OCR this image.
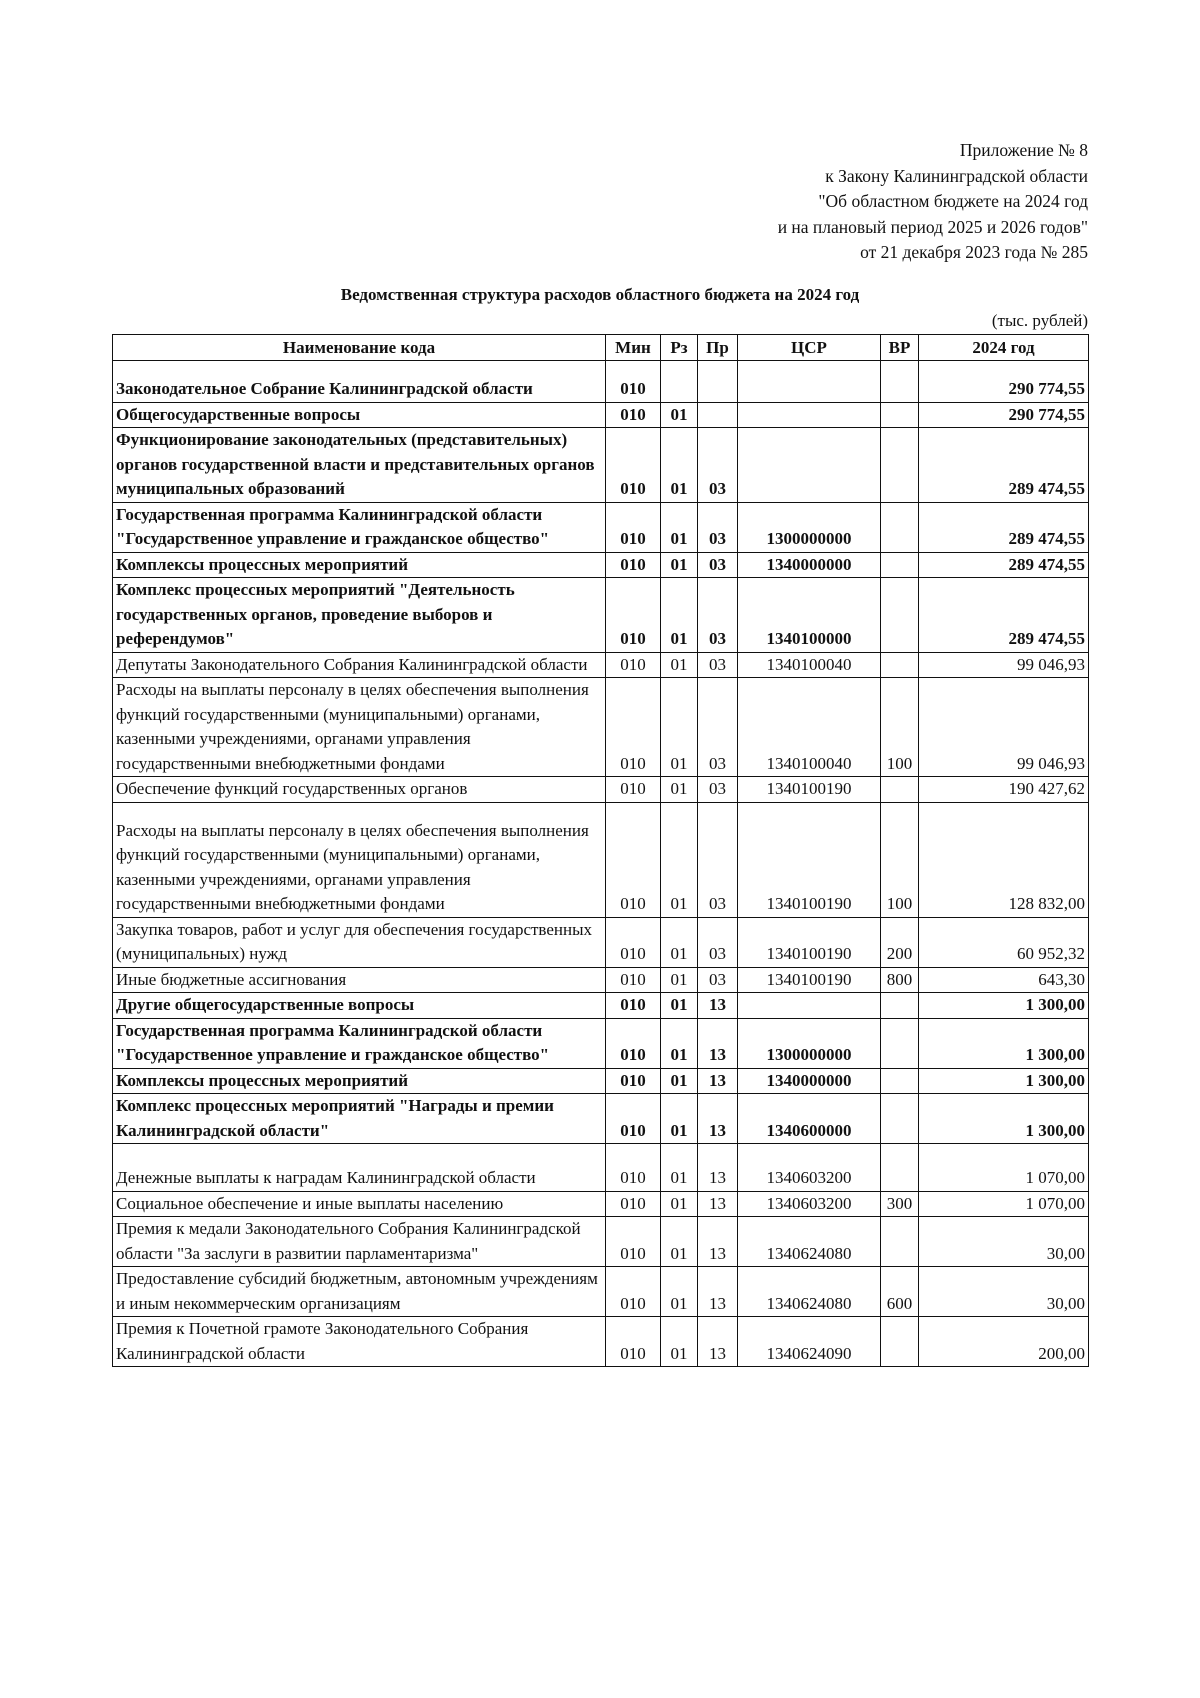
Приложение № 8
к Закону Калининградской области
"Об областном бюджете на 2024 год
и на плановый период 2025 и 2026 годов"
от 21 декабря 2023 года № 285
Ведомственная структура расходов областного бюджета на 2024 год
(тыс. рублей)
Наименование кода	Мин	Рз	Пр	ЦСР	ВР	2024 год
Законодательное Собрание Калининградской области	010					290 774,55
Общегосударственные вопросы	010	01				290 774,55
Функционирование законодательных (представительных) органов государственной власти и представительных органов муниципальных образований	010	01	03			289 474,55
Государственная программа Калининградской области "Государственное управление и гражданское общество"	010	01	03	1300000000		289 474,55
Комплексы процессных мероприятий	010	01	03	1340000000		289 474,55
Комплекс процессных мероприятий "Деятельность государственных органов, проведение выборов и референдумов"	010	01	03	1340100000		289 474,55
Депутаты Законодательного Собрания Калининградской области	010	01	03	1340100040		99 046,93
Расходы на выплаты персоналу в целях обеспечения выполнения функций государственными (муниципальными) органами, казенными учреждениями, органами управления государственными внебюджетными фондами	010	01	03	1340100040	100	99 046,93
Обеспечение функций государственных органов	010	01	03	1340100190		190 427,62
Расходы на выплаты персоналу в целях обеспечения выполнения функций государственными (муниципальными) органами, казенными учреждениями, органами управления государственными внебюджетными фондами	010	01	03	1340100190	100	128 832,00
Закупка товаров, работ и услуг для обеспечения государственных (муниципальных) нужд	010	01	03	1340100190	200	60 952,32
Иные бюджетные ассигнования	010	01	03	1340100190	800	643,30
Другие общегосударственные вопросы	010	01	13			1 300,00
Государственная программа Калининградской области "Государственное управление и гражданское общество"	010	01	13	1300000000		1 300,00
Комплексы процессных мероприятий	010	01	13	1340000000		1 300,00
Комплекс процессных мероприятий "Награды и премии Калининградской области"	010	01	13	1340600000		1 300,00
Денежные выплаты к наградам Калининградской области	010	01	13	1340603200		1 070,00
Социальное обеспечение и иные выплаты населению	010	01	13	1340603200	300	1 070,00
Премия к медали Законодательного Собрания Калининградской области "За заслуги в развитии парламентаризма"	010	01	13	1340624080		30,00
Предоставление субсидий бюджетным, автономным учреждениям и иным некоммерческим организациям	010	01	13	1340624080	600	30,00
Премия к Почетной грамоте Законодательного Собрания Калининградской области	010	01	13	1340624090		200,00
